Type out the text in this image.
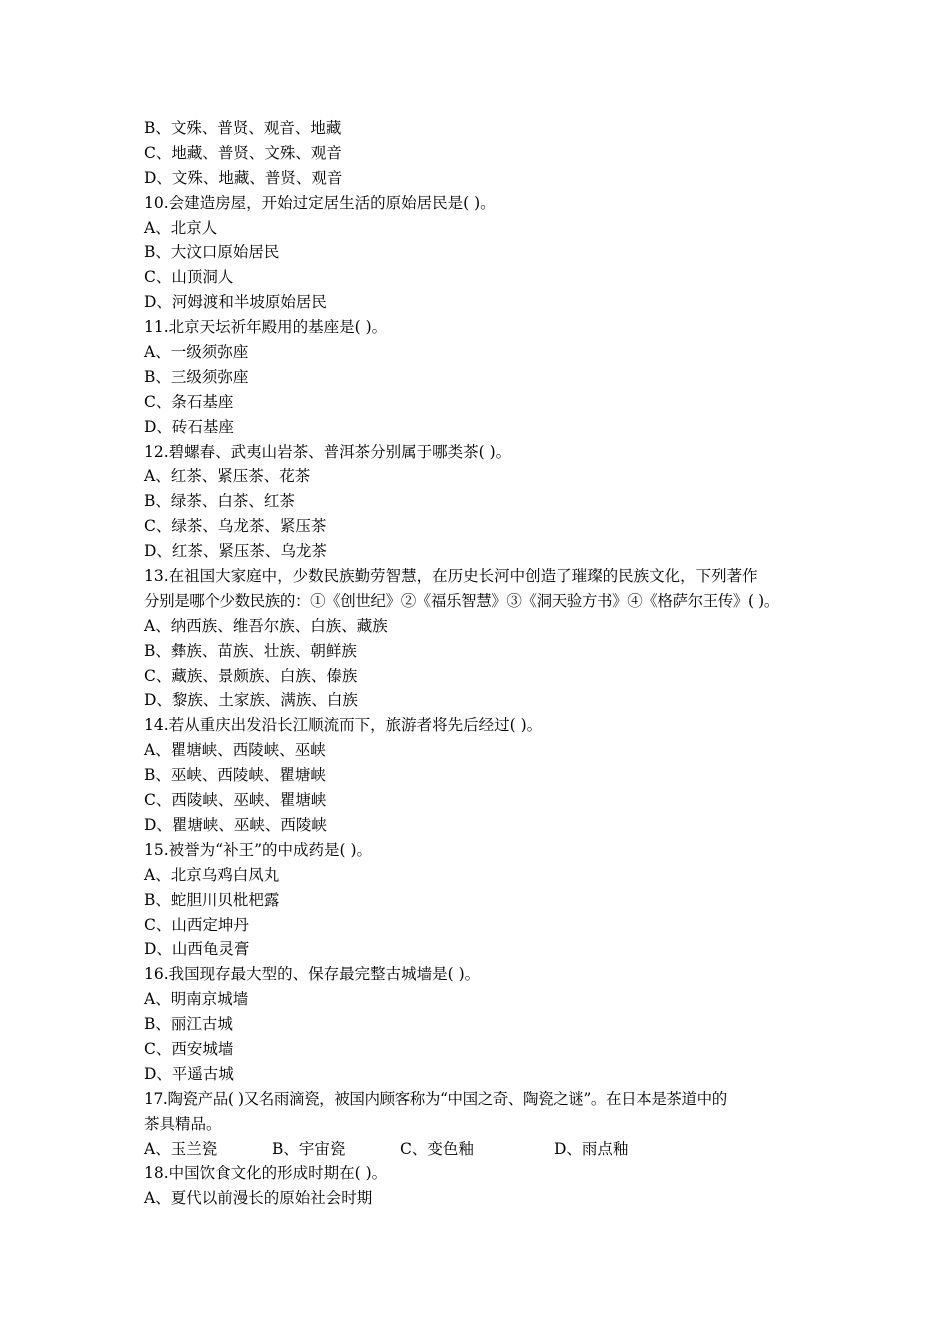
B、文殊、普贤、观音、地藏
C、地藏、普贤、文殊、观音
D、文殊、地藏、普贤、观音
10.会建造房屋，开始过定居生活的原始居民是( )。
A、北京人
B、大汶口原始居民
C、山顶洞人
D、河姆渡和半坡原始居民
11.北京天坛祈年殿用的基座是( )。
A、一级须弥座
B、三级须弥座
C、条石基座
D、砖石基座
12.碧螺春、武夷山岩茶、普洱茶分别属于哪类茶( )。
A、红茶、紧压茶、花茶
B、绿茶、白茶、红茶
C、绿茶、乌龙茶、紧压茶
D、红茶、紧压茶、乌龙茶
13.在祖国大家庭中，少数民族勤劳智慧，在历史长河中创造了璀璨的民族文化，下列著作
分别是哪个少数民族的：①《创世纪》②《福乐智慧》③《洞天验方书》④《格萨尔王传》( )。
A、纳西族、维吾尔族、白族、藏族
B、彝族、苗族、壮族、朝鲜族
C、藏族、景颇族、白族、傣族
D、黎族、土家族、满族、白族
14.若从重庆出发沿长江顺流而下，旅游者将先后经过( )。
A、瞿塘峡、西陵峡、巫峡
B、巫峡、西陵峡、瞿塘峡
C、西陵峡、巫峡、瞿塘峡
D、瞿塘峡、巫峡、西陵峡
15.被誉为“补王”的中成药是( )。
A、北京乌鸡白凤丸
B、蛇胆川贝枇杷露
C、山西定坤丹
D、山西龟灵膏
16.我国现存最大型的、保存最完整古城墙是( )。
A、明南京城墙
B、丽江古城
C、西安城墙
D、平遥古城
17.陶瓷产品( )又名雨滴瓷，被国内顾客称为“中国之奇、陶瓷之谜”。在日本是茶道中的
茶具精品。
A、玉兰瓷	B、宇宙瓷	C、变色釉	D、雨点釉
18.中国饮食文化的形成时期在( )。
A、夏代以前漫长的原始社会时期
